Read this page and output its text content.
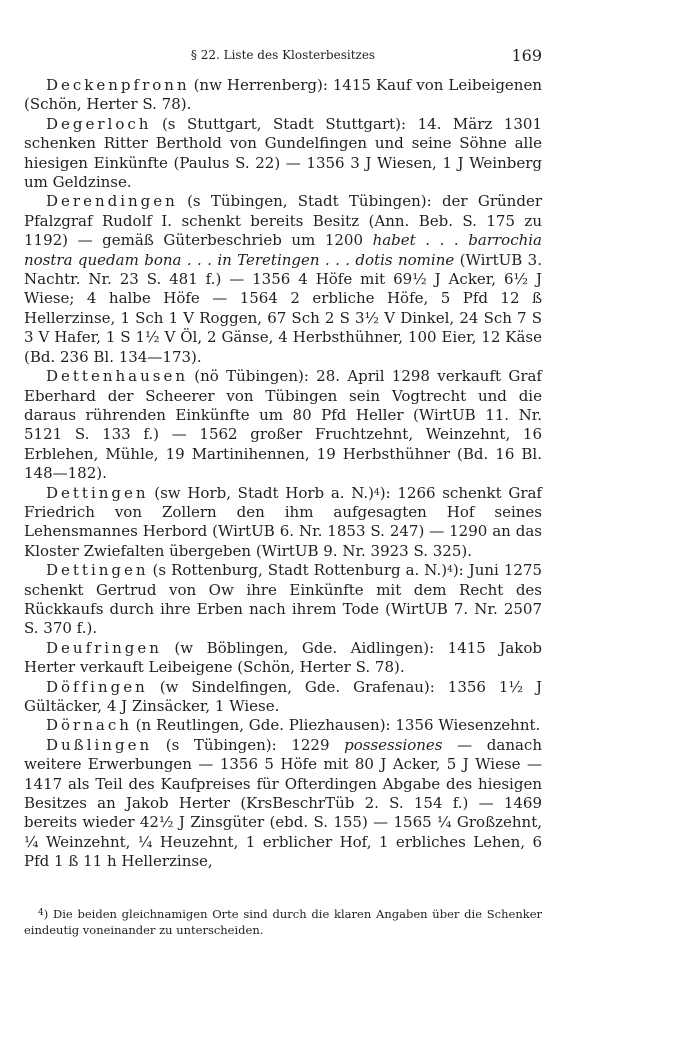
§ 22. Liste des Klosterbesitzes	169

Deckenpfronn (nw Herrenberg): 1415 Kauf von Leibeigenen (Schön, Herter S. 78).

Degerloch (s Stuttgart, Stadt Stuttgart): 14. März 1301 schenken Ritter Berthold von Gundelfingen und seine Söhne alle hiesigen Einkünfte (Paulus S. 22) — 1356 3 J Wiesen, 1 J Weinberg um Geldzinse.

Derendingen (s Tübingen, Stadt Tübingen): der Gründer Pfalzgraf Rudolf I. schenkt bereits Besitz (Ann. Beb. S. 175 zu 1192) — gemäß Güterbeschrieb um 1200 habet . . . barrochia nostra quedam bona . . . in Teretingen . . . dotis nomine (WirtUB 3. Nachtr. Nr. 23 S. 481 f.) — 1356 4 Höfe mit 69½ J Acker, 6½ J Wiese; 4 halbe Höfe — 1564 2 erbliche Höfe, 5 Pfd 12 ß Hellerzinse, 1 Sch 1 V Roggen, 67 Sch 2 S 3½ V Dinkel, 24 Sch 7 S 3 V Hafer, 1 S 1½ V Öl, 2 Gänse, 4 Herbsthühner, 100 Eier, 12 Käse (Bd. 236 Bl. 134—173).

Dettenhausen (nö Tübingen): 28. April 1298 verkauft Graf Eberhard der Scheerer von Tübingen sein Vogtrecht und die daraus rührenden Einkünfte um 80 Pfd Heller (WirtUB 11. Nr. 5121 S. 133 f.) — 1562 großer Fruchtzehnt, Weinzehnt, 16 Erblehen, Mühle, 19 Martinihennen, 19 Herbsthühner (Bd. 16 Bl. 148—182).

Dettingen (sw Horb, Stadt Horb a. N.)$^4$): 1266 schenkt Graf Friedrich von Zollern den ihm aufgesagten Hof seines Lehensmannes Herbord (WirtUB 6. Nr. 1853 S. 247) — 1290 an das Kloster Zwiefalten übergeben (WirtUB 9. Nr. 3923 S. 325).

Dettingen (s Rottenburg, Stadt Rottenburg a. N.)$^4$): Juni 1275 schenkt Gertrud von Ow ihre Einkünfte mit dem Recht des Rückkaufs durch ihre Erben nach ihrem Tode (WirtUB 7. Nr. 2507 S. 370 f.).

Deufringen (w Böblingen, Gde. Aidlingen): 1415 Jakob Herter verkauft Leibeigene (Schön, Herter S. 78).

Döffingen (w Sindelfingen, Gde. Grafenau): 1356 1½ J Gültäcker, 4 J Zinsäcker, 1 Wiese.

Dörnach (n Reutlingen, Gde. Pliezhausen): 1356 Wiesenzehnt.

Dußlingen (s Tübingen): 1229 possessiones — danach weitere Erwerbungen — 1356 5 Höfe mit 80 J Acker, 5 J Wiese — 1417 als Teil des Kaufpreises für Ofterdingen Abgabe des hiesigen Besitzes an Jakob Herter (KrsBeschrTüb 2. S. 154 f.) — 1469 bereits wieder 42½ J Zinsgüter (ebd. S. 155) — 1565 ¼ Großzehnt, ¼ Weinzehnt, ¼ Heuzehnt, 1 erblicher Hof, 1 erbliches Lehen, 6 Pfd 1 ß 11 h Hellerzinse,

$^4$) Die beiden gleichnamigen Orte sind durch die klaren Angaben über die Schenker eindeutig voneinander zu unterscheiden.
